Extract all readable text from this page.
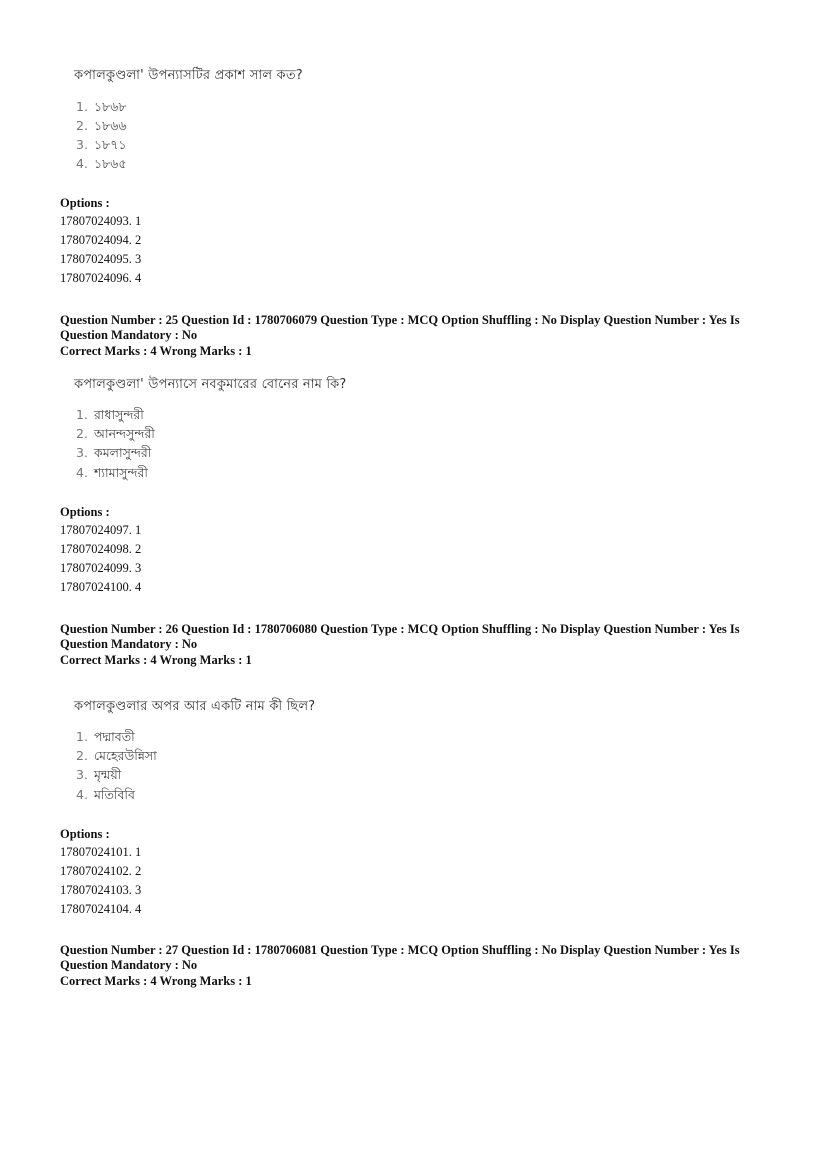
কপালকুণ্ডলা' উপন্যাসটির প্রকাশ সাল কত?
1. ১৮৬৮
2. ১৮৬৬
3. ১৮৭১
4. ১৮৬৫
Options :
17807024093. 1
17807024094. 2
17807024095. 3
17807024096. 4
Question Number : 25 Question Id : 1780706079 Question Type : MCQ Option Shuffling : No Display Question Number : Yes Is
Question Mandatory : No
Correct Marks : 4 Wrong Marks : 1
কপালকুণ্ডলা' উপন্যাসে নবকুমারের বোনের নাম কি?
1. রাধাসুন্দরী
2. আনন্দসুন্দরী
3. কমলাসুন্দরী
4. শ্যামাসুন্দরী
Options :
17807024097. 1
17807024098. 2
17807024099. 3
17807024100. 4
Question Number : 26 Question Id : 1780706080 Question Type : MCQ Option Shuffling : No Display Question Number : Yes Is
Question Mandatory : No
Correct Marks : 4 Wrong Marks : 1
কপালকুণ্ডলার অপর আর একটি নাম কী ছিল?
1. পদ্মাবতী
2. মেহেরউন্নিসা
3. মৃন্ময়ী
4. মতিবিবি
Options :
17807024101. 1
17807024102. 2
17807024103. 3
17807024104. 4
Question Number : 27 Question Id : 1780706081 Question Type : MCQ Option Shuffling : No Display Question Number : Yes Is
Question Mandatory : No
Correct Marks : 4 Wrong Marks : 1
